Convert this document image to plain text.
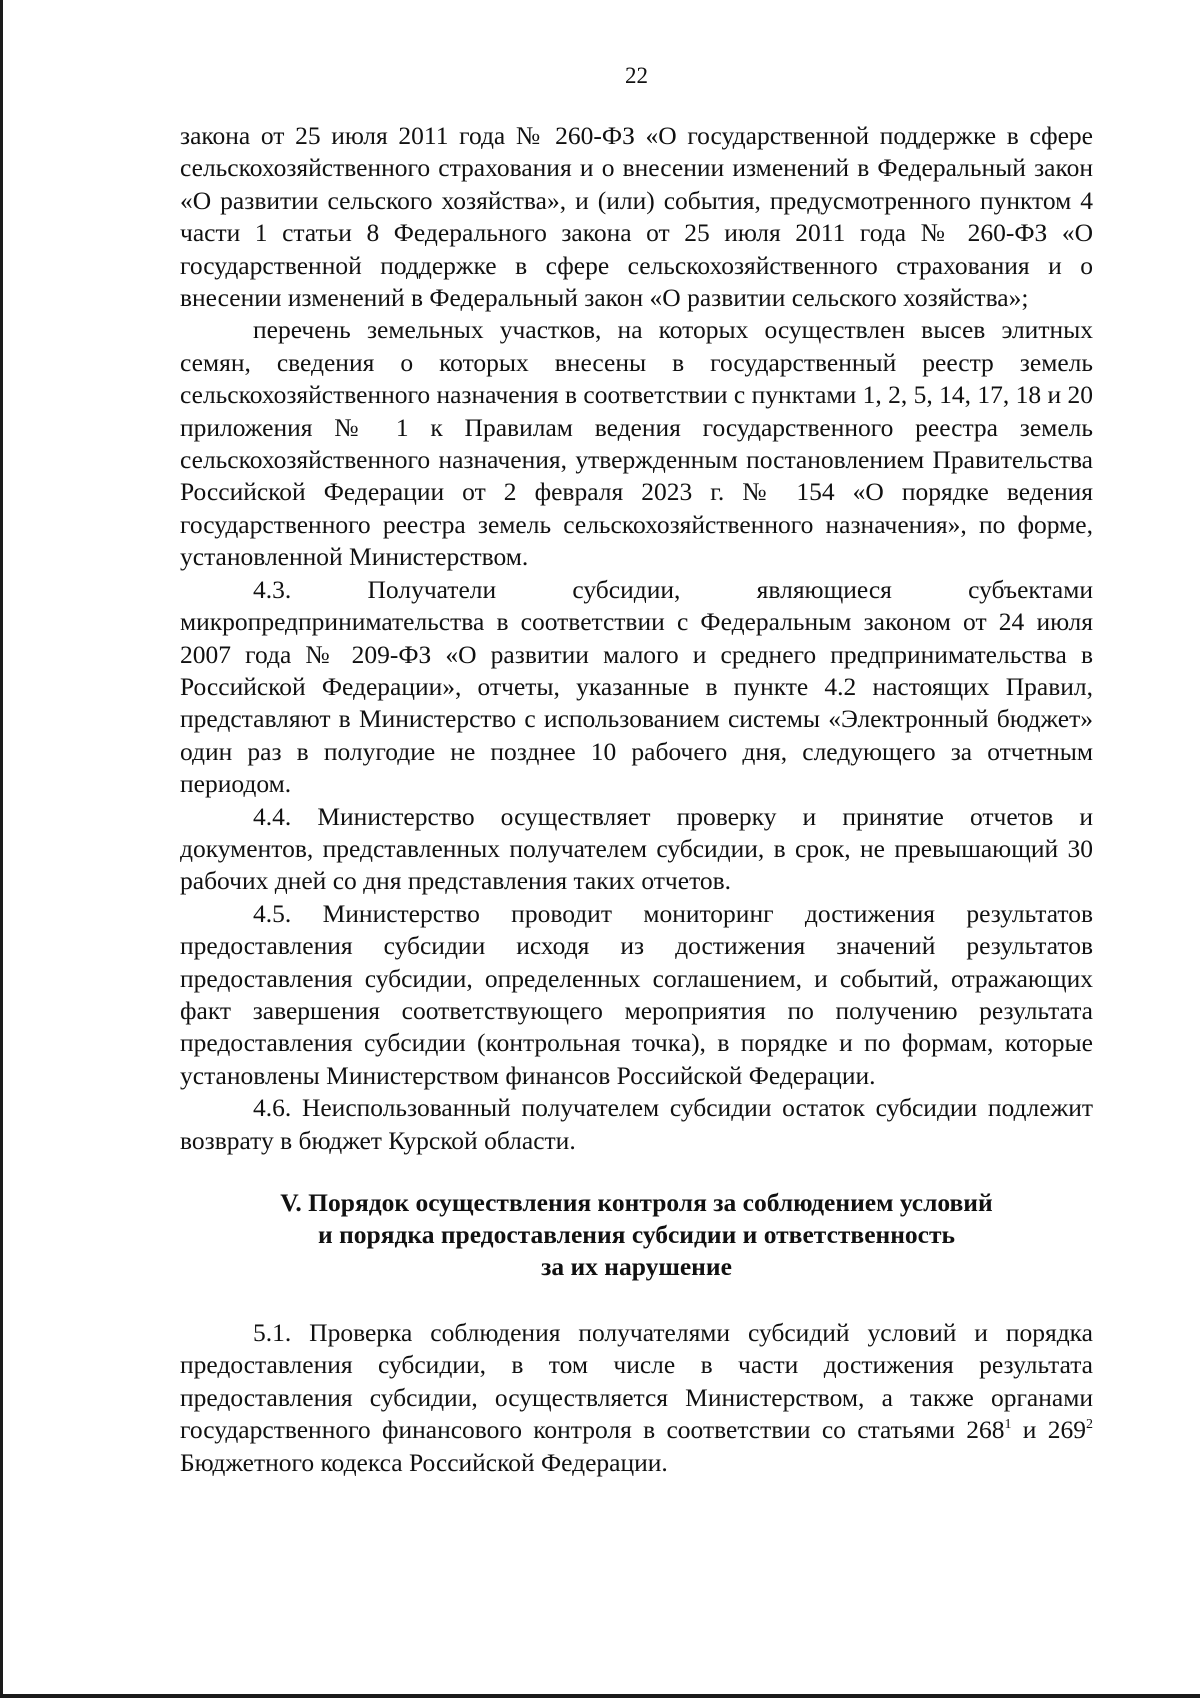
22

закона от 25 июля 2011 года № 260-ФЗ «О государственной поддержке в сфере сельскохозяйственного страхования и о внесении изменений в Федеральный закон «О развитии сельского хозяйства», и (или) события, предусмотренного пунктом 4 части 1 статьи 8 Федерального закона от 25 июля 2011 года № 260-ФЗ «О государственной поддержке в сфере сельскохозяйственного страхования и о внесении изменений в Федеральный закон «О развитии сельского хозяйства»;

перечень земельных участков, на которых осуществлен высев элитных семян, сведения о которых внесены в государственный реестр земель сельскохозяйственного назначения в соответствии с пунктами 1, 2, 5, 14, 17, 18 и 20 приложения № 1 к Правилам ведения государственного реестра земель сельскохозяйственного назначения, утвержденным постановлением Правительства Российской Федерации от 2 февраля 2023 г. № 154 «О порядке ведения государственного реестра земель сельскохозяйственного назначения», по форме, установленной Министерством.

4.3. Получатели субсидии, являющиеся субъектами микропредпринимательства в соответствии с Федеральным законом от 24 июля 2007 года № 209-ФЗ «О развитии малого и среднего предпринимательства в Российской Федерации», отчеты, указанные в пункте 4.2 настоящих Правил, представляют в Министерство с использованием системы «Электронный бюджет» один раз в полугодие не позднее 10 рабочего дня, следующего за отчетным периодом.

4.4. Министерство осуществляет проверку и принятие отчетов и документов, представленных получателем субсидии, в срок, не превышающий 30 рабочих дней со дня представления таких отчетов.

4.5. Министерство проводит мониторинг достижения результатов предоставления субсидии исходя из достижения значений результатов предоставления субсидии, определенных соглашением, и событий, отражающих факт завершения соответствующего мероприятия по получению результата предоставления субсидии (контрольная точка), в порядке и по формам, которые установлены Министерством финансов Российской Федерации.

4.6. Неиспользованный получателем субсидии остаток субсидии подлежит возврату в бюджет Курской области.

V. Порядок осуществления контроля за соблюдением условий
и порядка предоставления субсидии и ответственность
за их нарушение

5.1. Проверка соблюдения получателями субсидий условий и порядка предоставления субсидии, в том числе в части достижения результата предоставления субсидии, осуществляется Министерством, а также органами государственного финансового контроля в соответствии со статьями $268^1$ и $269^2$ Бюджетного кодекса Российской Федерации.
